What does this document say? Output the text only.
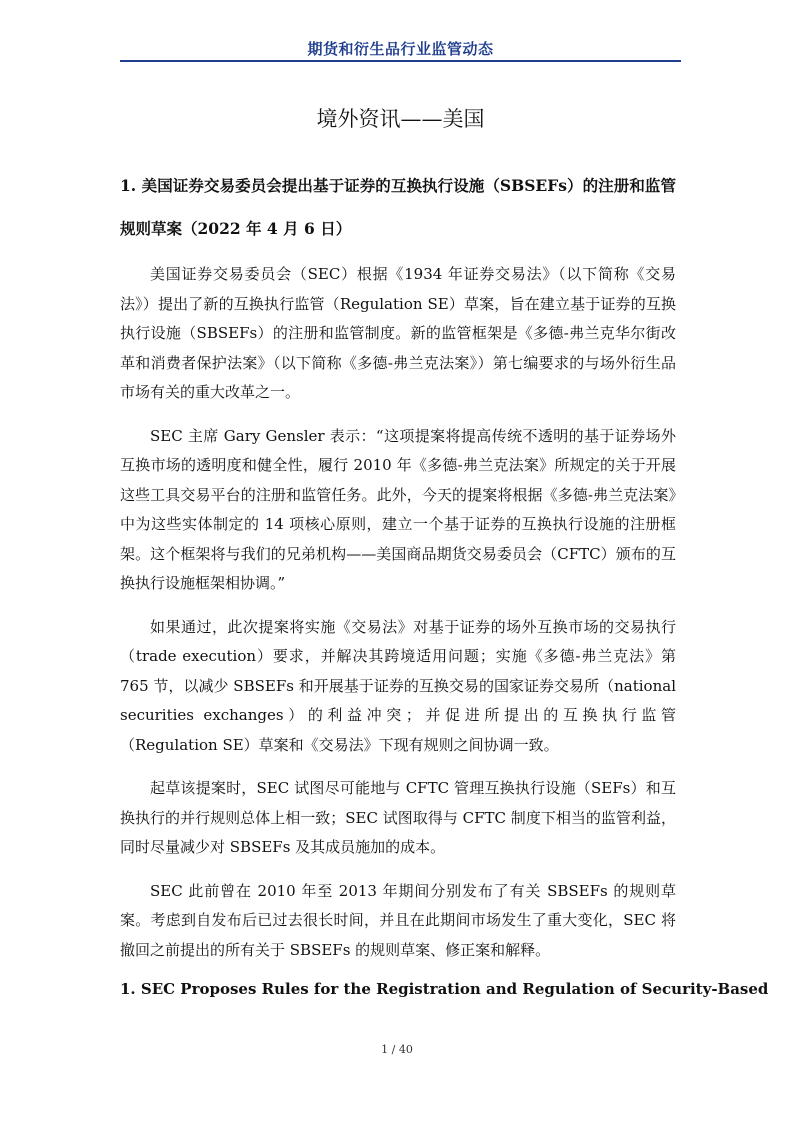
期货和衍生品行业监管动态
境外资讯——美国

1. 美国证券交易委员会提出基于证券的互换执行设施（SBSEFs）的注册和监管规则草案（2022 年 4 月 6 日）

美国证券交易委员会（SEC）根据《1934 年证券交易法》（以下简称《交易法》）提出了新的互换执行监管（Regulation SE）草案，旨在建立基于证券的互换执行设施（SBSEFs）的注册和监管制度。新的监管框架是《多德-弗兰克华尔街改革和消费者保护法案》（以下简称《多德-弗兰克法案》）第七编要求的与场外衍生品市场有关的重大改革之一。

SEC 主席 Gary Gensler 表示：“这项提案将提高传统不透明的基于证券场外互换市场的透明度和健全性，履行 2010 年《多德-弗兰克法案》所规定的关于开展这些工具交易平台的注册和监管任务。此外，今天的提案将根据《多德-弗兰克法案》中为这些实体制定的 14 项核心原则，建立一个基于证券的互换执行设施的注册框架。这个框架将与我们的兄弟机构——美国商品期货交易委员会（CFTC）颁布的互换执行设施框架相协调。”

如果通过，此次提案将实施《交易法》对基于证券的场外互换市场的交易执行（trade execution）要求，并解决其跨境适用问题；实施《多德-弗兰克法》第 765 节，以减少 SBSEFs 和开展基于证券的互换交易的国家证券交易所（national securities exchanges）的利益冲突；并促进所提出的互换执行监管（Regulation SE）草案和《交易法》下现有规则之间协调一致。

起草该提案时，SEC 试图尽可能地与 CFTC 管理互换执行设施（SEFs）和互换执行的并行规则总体上相一致；SEC 试图取得与 CFTC 制度下相当的监管利益，同时尽量减少对 SBSEFs 及其成员施加的成本。

SEC 此前曾在 2010 年至 2013 年期间分别发布了有关 SBSEFs 的规则草案。考虑到自发布后已过去很长时间，并且在此期间市场发生了重大变化，SEC 将撤回之前提出的所有关于 SBSEFs 的规则草案、修正案和解释。

1. SEC Proposes Rules for the Registration and Regulation of Security-Based

1 / 40
